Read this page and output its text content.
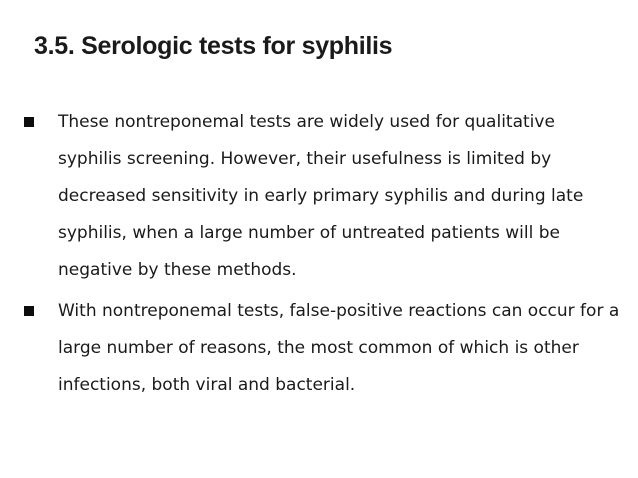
3.5. Serologic tests for syphilis
These nontreponemal tests are widely used for qualitative syphilis screening. However, their usefulness is limited by decreased sensitivity in early primary syphilis and during late syphilis, when a large number of untreated patients will be negative by these methods.
With nontreponemal tests, false-positive reactions can occur for a large number of reasons, the most common of which is other infections, both viral and bacterial.
